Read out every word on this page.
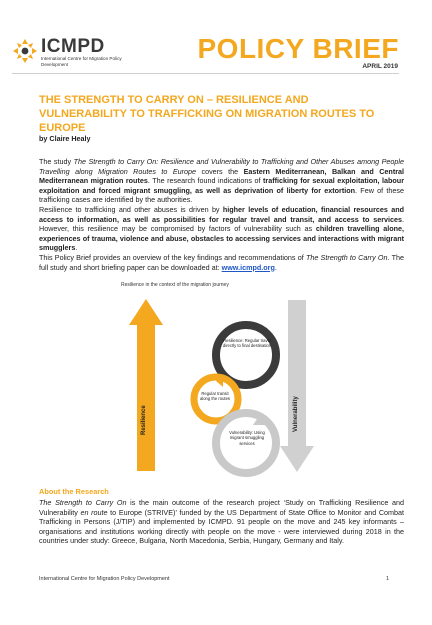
ICMPD
International Centre for Migration Policy Development	POLICY BRIEF
APRIL 2019
THE STRENGTH TO CARRY ON – RESILIENCE AND VULNERABILITY TO TRAFFICKING ON MIGRATION ROUTES TO EUROPE
by Claire Healy
The study The Strength to Carry On: Resilience and Vulnerability to Trafficking and Other Abuses among People Travelling along Migration Routes to Europe covers the Eastern Mediterranean, Balkan and Central Mediterranean migration routes. The research found indications of trafficking for sexual exploitation, labour exploitation and forced migrant smuggling, as well as deprivation of liberty for extortion. Few of these trafficking cases are identified by the authorities.
Resilience to trafficking and other abuses is driven by higher levels of education, financial resources and access to information, as well as possibilities for regular travel and transit, and access to services. However, this resilience may be compromised by factors of vulnerability such as children travelling alone, experiences of trauma, violence and abuse, obstacles to accessing services and interactions with migrant smugglers.
This Policy Brief provides an overview of the key findings and recommendations of The Strength to Carry On. The full study and short briefing paper can be downloaded at: www.icmpd.org.
Resilience in the context of the migration journey
Resilience	Vulnerability
Resilience: Regular travel directly to final destination
Regular transit along the routes
Vulnerability: Using migrant smuggling services
About the Research
The Strength to Carry On is the main outcome of the research project ‘Study on Trafficking Resilience and Vulnerability en route to Europe (STRIVE)’ funded by the US Department of State Office to Monitor and Combat Trafficking in Persons (J/TIP) and implemented by ICMPD. 91 people on the move and 245 key informants – organisations and institutions working directly with people on the move - were interviewed during 2018 in the countries under study: Greece, Bulgaria, North Macedonia, Serbia, Hungary, Germany and Italy.
International Centre for Migration Policy Development	1
